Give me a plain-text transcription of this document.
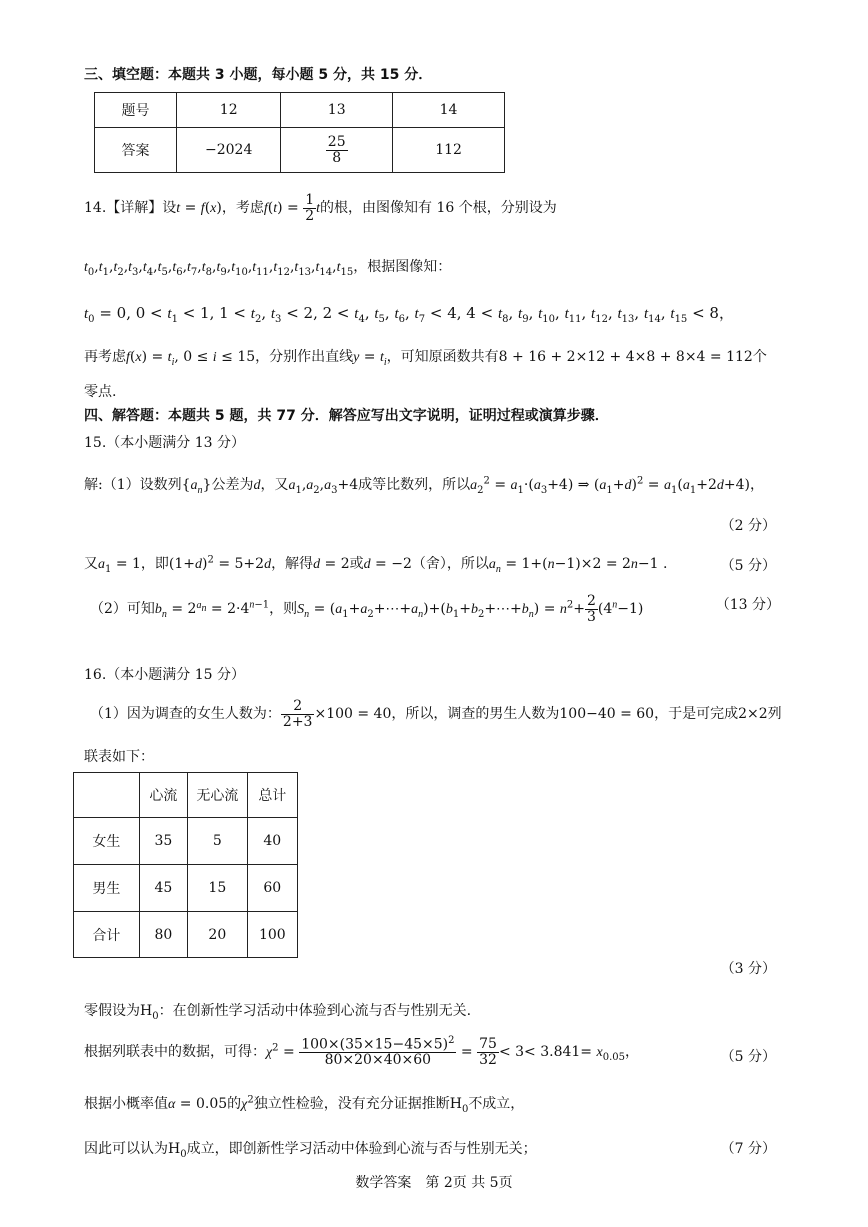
三、填空题：本题共 3 小题，每小题 5 分，共 15 分．
题号	12	13	14
答案	−2024	$\frac{25}{8}$	112
14.【详解】设t = f(x)，考虑$f(t) = \frac{1}{2}$ t的根，由图像知有 16 个根，分别设为
$t_0,t_1,t_2,t_3,t_4,t_5,t_6,t_7,t_8,t_9,t_{10},t_{11},t_{12},t_{13},t_{14},t_{15}$，根据图像知：
$t_0 = 0$, $0 < t_1 < 1$, $1 < t_2$, $t_3 < 2$, $2 < t_4$, $t_5$, $t_6$, $t_7 < 4$, $4 < t_8$, $t_9$, $t_{10}$, $t_{11}$, $t_{12}$, $t_{13}$, $t_{14}$, $t_{15} < 8$，
再考虑$f(x) = t_i$, 0 ≤ i ≤ 15，分别作出直线$y = t_i$，可知原函数共有8 + 16 + 2×12 + 4×8 + 8×4 = 112个
零点.
四、解答题：本题共 5 题，共 77 分．解答应写出文字说明，证明过程或演算步骤．
15.（本小题满分 13 分）
解:（1）设数列$\{a_n\}$公差为d，又$a_1,a_2,a_3+4$成等比数列，所以$a_2^2 = a_1\cdot(a_3+4)$ ⇒ $(a_1+d)^2 = a_1(a_1+2d+4)$，
（2 分）
又$a_1 = 1$，即$(1+d)^2 = 5+2d$，解得d = 2或d = −2（舍），所以$a_n = 1+(n-1)\times 2 = 2n-1$ .	（5 分）
（2）可知$b_n = 2^{a_n} = 2\cdot 4^{n-1}$，则$S_n$ = $(a_1+a_2+\cdots+a_n)+(b_1+b_2+\cdots+b_n) = n^2+ \frac{2}{3} (4^n-1)$	（13 分）
16.（本小题满分 15 分）
（1）因为调查的女生人数为： $\frac{2}{2+3} \times 100 = 40$，所以，调查的男生人数为100−40 = 60，于是可完成2×2列
联表如下：
	心流	无心流	总计
女生	35	5	40
男生	45	15	60
合计	80	20	100
（3 分）
零假设为$H_0$：在创新性学习活动中体验到心流与否与性别无关.
根据列联表中的数据，可得：$\chi^2 = \frac{100\times(35\times 15-45\times 5)^2}{80\times 20\times 40\times 60} = \frac{75}{32} < 3< 3.841= x_{0.05}$，	（5 分）
根据小概率值α = 0.05的$\chi^2$独立性检验，没有充分证据推断$H_0$不成立，
因此可以认为$H_0$成立，即创新性学习活动中体验到心流与否与性别无关；	（7 分）
数学答案　第 2页 共 5页
